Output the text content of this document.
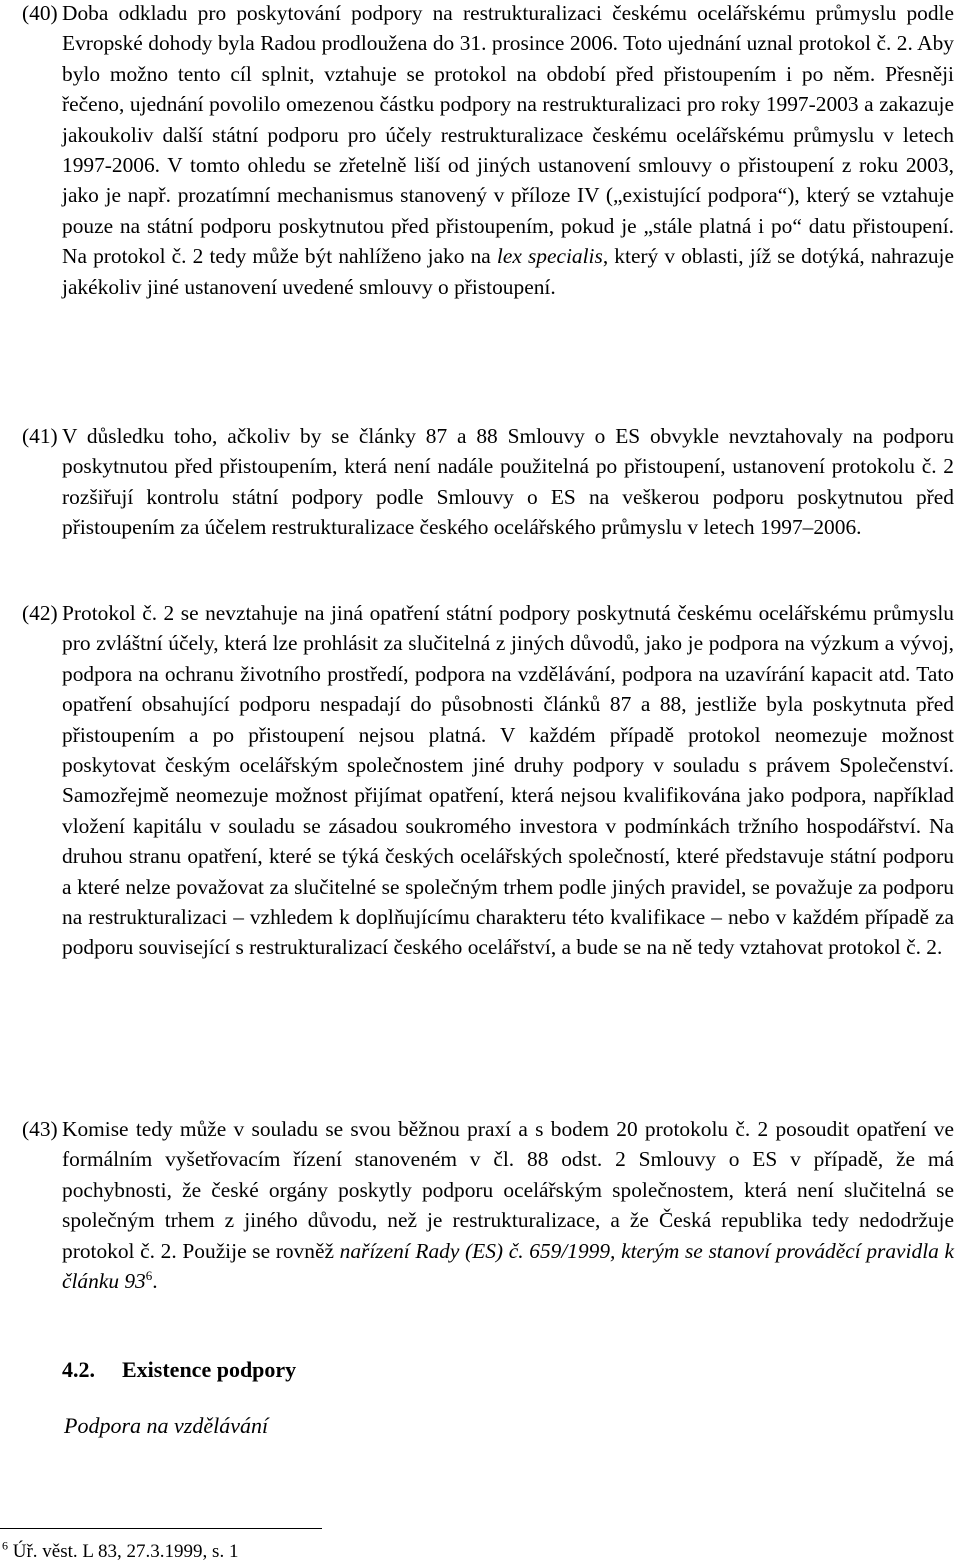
(40) Doba odkladu pro poskytování podpory na restrukturalizaci českému ocelářskému průmyslu podle Evropské dohody byla Radou prodloužena do 31. prosince 2006. Toto ujednání uznal protokol č. 2. Aby bylo možno tento cíl splnit, vztahuje se protokol na období před přistoupením i po něm. Přesněji řečeno, ujednání povolilo omezenou částku podpory na restrukturalizaci pro roky 1997-2003 a zakazuje jakoukoliv další státní podporu pro účely restrukturalizace českému ocelářskému průmyslu v letech 1997-2006. V tomto ohledu se zřetelně liší od jiných ustanovení smlouvy o přistoupení z roku 2003, jako je např. prozatímní mechanismus stanovený v příloze IV („existující podpora“), který se vztahuje pouze na státní podporu poskytnutou před přistoupením, pokud je „stále platná i po“ datu přistoupení. Na protokol č. 2 tedy může být nahlíženo jako na lex specialis, který v oblasti, jíž se dotýká, nahrazuje jakékoliv jiné ustanovení uvedené smlouvy o přistoupení.

(41) V důsledku toho, ačkoliv by se články 87 a 88 Smlouvy o ES obvykle nevztahovaly na podporu poskytnutou před přistoupením, která není nadále použitelná po přistoupení, ustanovení protokolu č. 2 rozšiřují kontrolu státní podpory podle Smlouvy o ES na veškerou podporu poskytnutou před přistoupením za účelem restrukturalizace českého ocelářského průmyslu v letech 1997–2006.

(42) Protokol č. 2 se nevztahuje na jiná opatření státní podpory poskytnutá českému ocelářskému průmyslu pro zvláštní účely, která lze prohlásit za slučitelná z jiných důvodů, jako je podpora na výzkum a vývoj, podpora na ochranu životního prostředí, podpora na vzdělávání, podpora na uzavírání kapacit atd. Tato opatření obsahující podporu nespadají do působnosti článků 87 a 88, jestliže byla poskytnuta před přistoupením a po přistoupení nejsou platná. V každém případě protokol neomezuje možnost poskytovat českým ocelářským společnostem jiné druhy podpory v souladu s právem Společenství. Samozřejmě neomezuje možnost přijímat opatření, která nejsou kvalifikována jako podpora, například vložení kapitálu v souladu se zásadou soukromého investora v podmínkách tržního hospodářství. Na druhou stranu opatření, které se týká českých ocelářských společností, které představuje státní podporu a které nelze považovat za slučitelné se společným trhem podle jiných pravidel, se považuje za podporu na restrukturalizaci – vzhledem k doplňujícímu charakteru této kvalifikace – nebo v každém případě za podporu související s restrukturalizací českého ocelářství, a bude se na ně tedy vztahovat protokol č. 2.

(43) Komise tedy může v souladu se svou běžnou praxí a s bodem 20 protokolu č. 2 posoudit opatření ve formálním vyšetřovacím řízení stanoveném v čl. 88 odst. 2 Smlouvy o ES v případě, že má pochybnosti, že české orgány poskytly podporu ocelářským společnostem, která není slučitelná se společným trhem z jiného důvodu, než je restrukturalizace, a že Česká republika tedy nedodržuje protokol č. 2. Použije se rovněž nařízení Rady (ES) č. 659/1999, kterým se stanoví prováděcí pravidla k článku $93^6$.

4.2. Existence podpory
Podpora na vzdělávání
$^6$ Úř. věst. L 83, 27.3.1999, s. 1
